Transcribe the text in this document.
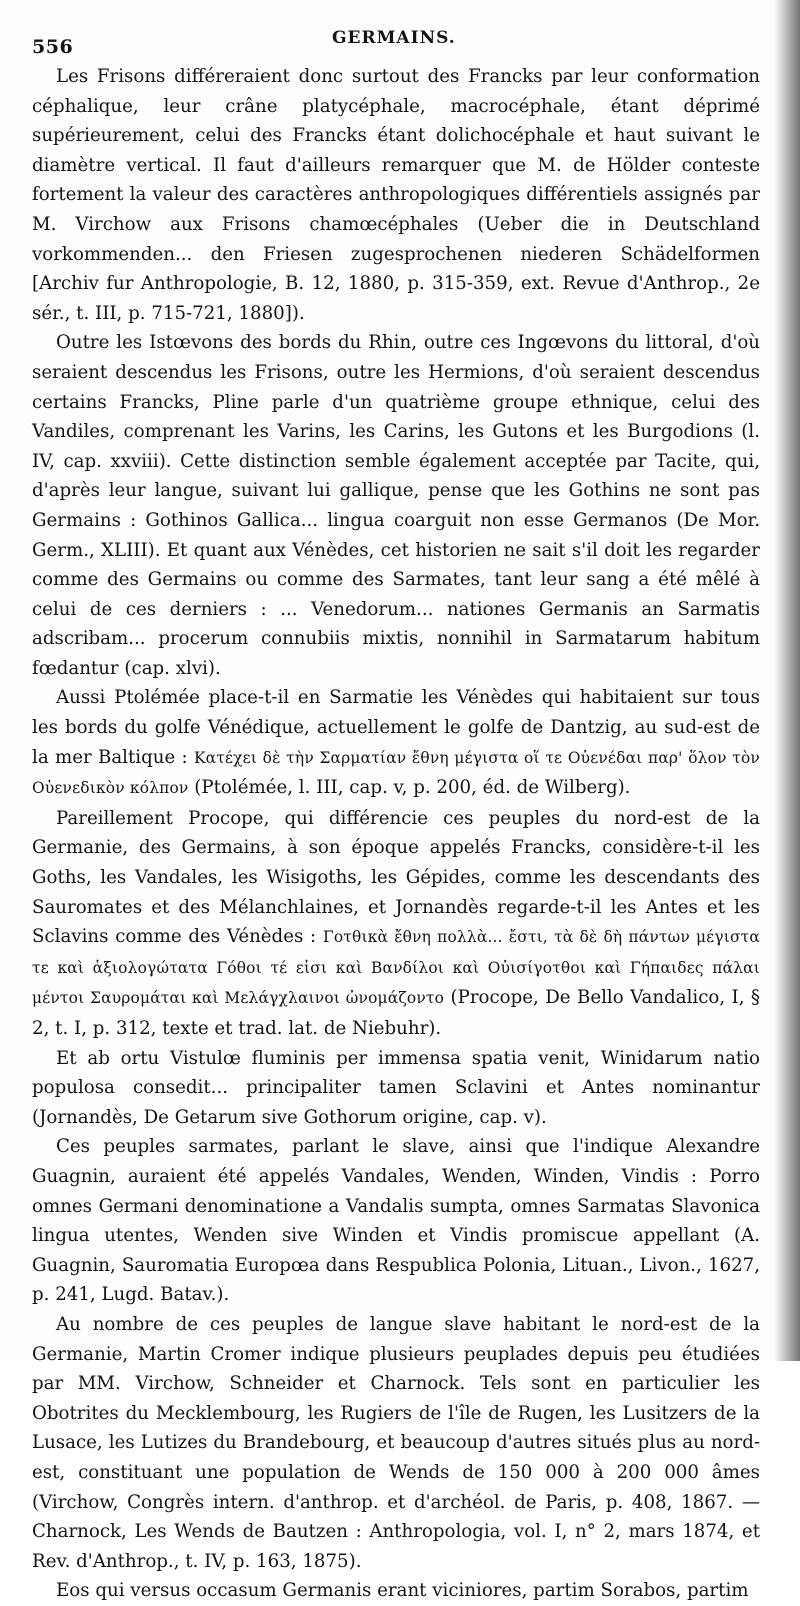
556	GERMAINS.

Les Frisons différeraient donc surtout des Francks par leur conformation céphalique, leur crâne platycéphale, macrocéphale, étant déprimé supérieurement, celui des Francks étant dolichocéphale et haut suivant le diamètre vertical. Il faut d'ailleurs remarquer que M. de Hölder conteste fortement la valeur des caractères anthropologiques différentiels assignés par M. Virchow aux Frisons chamœcéphales (Ueber die in Deutschland vorkommenden... den Friesen zugesprochenen niederen Schädelformen [Archiv fur Anthropologie, B. 12, 1880, p. 315-359, ext. Revue d'Anthrop., 2e sér., t. III, p. 715-721, 1880]).

Outre les Istœvons des bords du Rhin, outre ces Ingœvons du littoral, d'où seraient descendus les Frisons, outre les Hermions, d'où seraient descendus certains Francks, Pline parle d'un quatrième groupe ethnique, celui des Vandiles, comprenant les Varins, les Carins, les Gutons et les Burgodions (l. IV, cap. xxviii). Cette distinction semble également acceptée par Tacite, qui, d'après leur langue, suivant lui gallique, pense que les Gothins ne sont pas Germains : Gothinos Gallica... lingua coarguit non esse Germanos (De Mor. Germ., XLIII). Et quant aux Vénèdes, cet historien ne sait s'il doit les regarder comme des Germains ou comme des Sarmates, tant leur sang a été mêlé à celui de ces derniers : ... Venedorum... nationes Germanis an Sarmatis adscribam... procerum connubiis mixtis, nonnihil in Sarmatarum habitum fœdantur (cap. xlvi).

Aussi Ptolémée place-t-il en Sarmatie les Vénèdes qui habitaient sur tous les bords du golfe Vénédique, actuellement le golfe de Dantzig, au sud-est de la mer Baltique : Κατέχει δὲ τὴν Σαρματίαν ἔθνη μέγιστα οἵ τε Οὐενέδαι παρ' ὅλον τὸν Οὐενεδικὸν κόλπον (Ptolémée, l. III, cap. v, p. 200, éd. de Wilberg).

Pareillement Procope, qui différencie ces peuples du nord-est de la Germanie, des Germains, à son époque appelés Francks, considère-t-il les Goths, les Vandales, les Wisigoths, les Gépides, comme les descendants des Sauromates et des Mélanchlaines, et Jornandès regarde-t-il les Antes et les Sclavins comme des Vénèdes : Γοτθικὰ ἔθνη πολλὰ... ἔστι, τὰ δὲ δὴ πάντων μέγιστα τε καὶ ἀξιολογώτατα Γόθοι τέ εἰσι καὶ Βανδίλοι καὶ Οὐισίγοτθοι καὶ Γήπαιδες πάλαι μέντοι Σαυρομάται καὶ Μελάγχλαινοι ὠνομάζοντο (Procope, De Bello Vandalico, I, § 2, t. I, p. 312, texte et trad. lat. de Niebuhr).

Et ab ortu Vistulœ fluminis per immensa spatia venit, Winidarum natio populosa consedit... principaliter tamen Sclavini et Antes nominantur (Jornandès, De Getarum sive Gothorum origine, cap. v).

Ces peuples sarmates, parlant le slave, ainsi que l'indique Alexandre Guagnin, auraient été appelés Vandales, Wenden, Winden, Vindis : Porro omnes Germani denominatione a Vandalis sumpta, omnes Sarmatas Slavonica lingua utentes, Wenden sive Winden et Vindis promiscue appellant (A. Guagnin, Sauromatia Europœa dans Respublica Polonia, Lituan., Livon., 1627, p. 241, Lugd. Batav.).

Au nombre de ces peuples de langue slave habitant le nord-est de la Germanie, Martin Cromer indique plusieurs peuplades depuis peu étudiées par MM. Virchow, Schneider et Charnock. Tels sont en particulier les Obotrites du Mecklembourg, les Rugiers de l'île de Rugen, les Lusitzers de la Lusace, les Lutizes du Brandebourg, et beaucoup d'autres situés plus au nord-est, constituant une population de Wends de 150 000 à 200 000 âmes (Virchow, Congrès intern. d'anthrop. et d'archéol. de Paris, p. 408, 1867. — Charnock, Les Wends de Bautzen : Anthropologia, vol. I, n° 2, mars 1874, et Rev. d'Anthrop., t. IV, p. 163, 1875).

Eos qui versus occasum Germanis erant viciniores, partim Sorabos, partim
